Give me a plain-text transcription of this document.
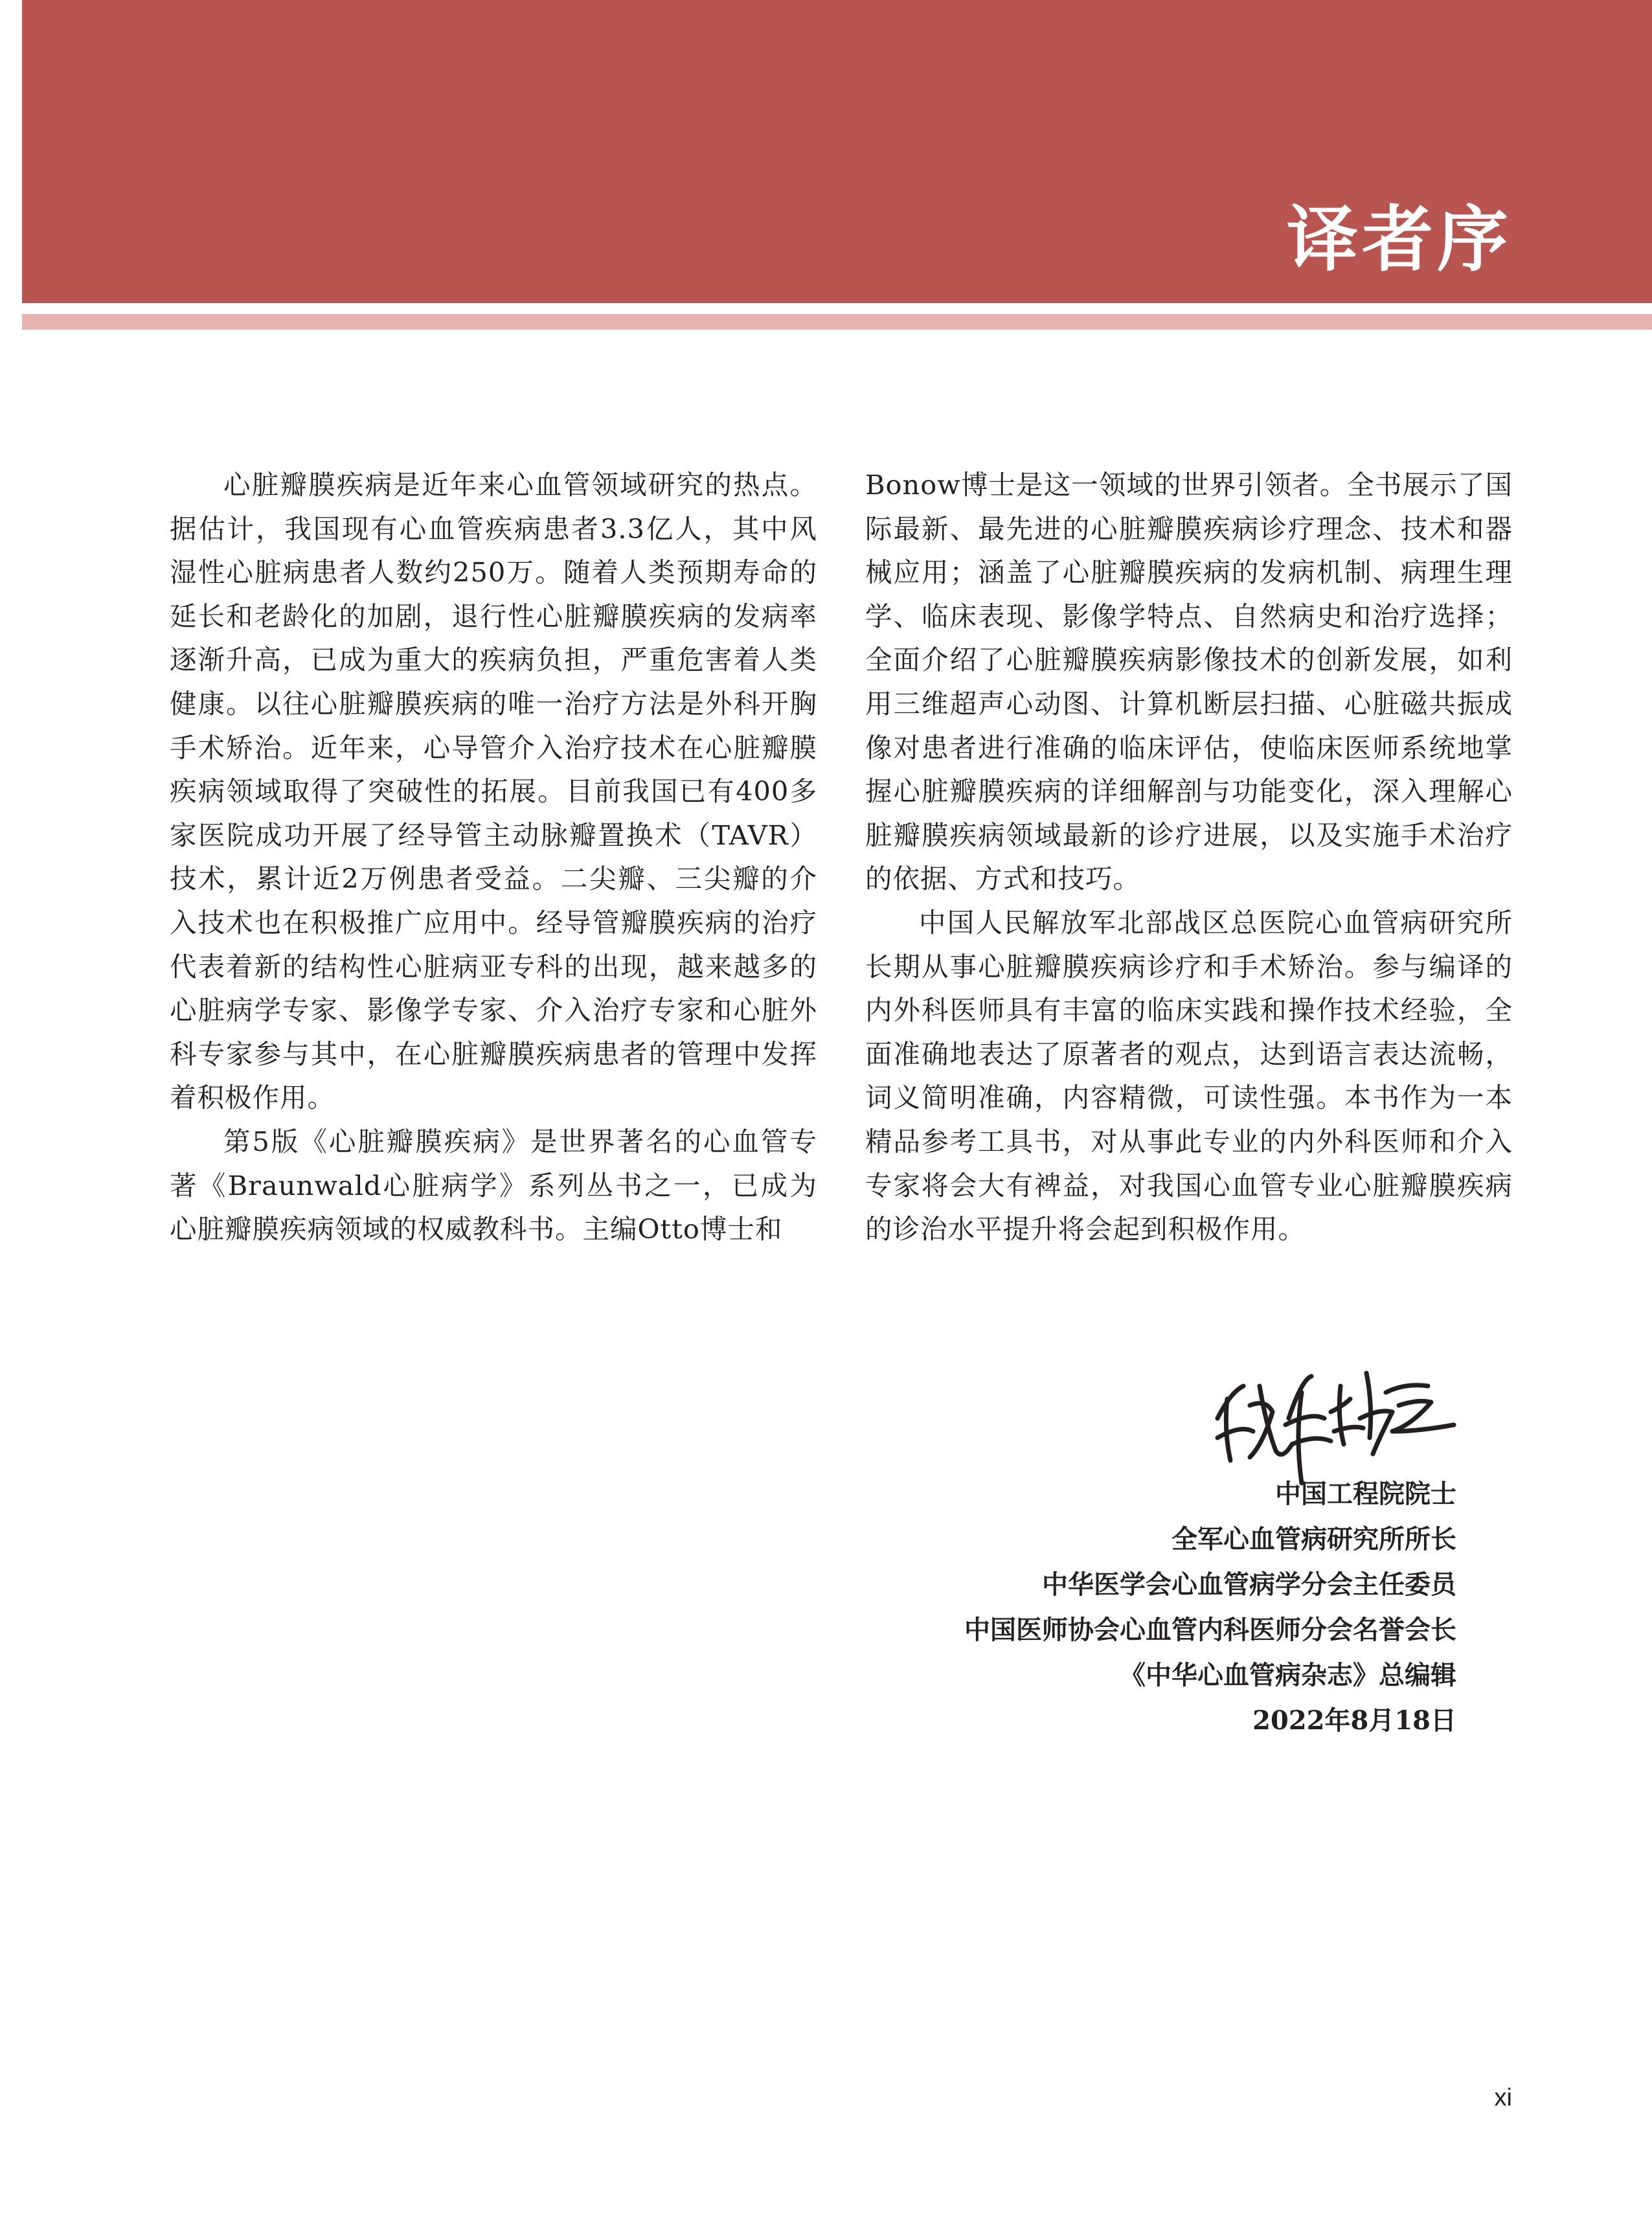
译者序

心脏瓣膜疾病是近年来心血管领域研究的热点。据估计，我国现有心血管疾病患者3.3亿人，其中风湿性心脏病患者人数约250万。随着人类预期寿命的延长和老龄化的加剧，退行性心脏瓣膜疾病的发病率逐渐升高，已成为重大的疾病负担，严重危害着人类健康。以往心脏瓣膜疾病的唯一治疗方法是外科开胸手术矫治。近年来，心导管介入治疗技术在心脏瓣膜疾病领域取得了突破性的拓展。目前我国已有400多家医院成功开展了经导管主动脉瓣置换术（TAVR）技术，累计近2万例患者受益。二尖瓣、三尖瓣的介入技术也在积极推广应用中。经导管瓣膜疾病的治疗代表着新的结构性心脏病亚专科的出现，越来越多的心脏病学专家、影像学专家、介入治疗专家和心脏外科专家参与其中，在心脏瓣膜疾病患者的管理中发挥着积极作用。

第5版《心脏瓣膜疾病》是世界著名的心血管专著《Braunwald心脏病学》系列丛书之一，已成为心脏瓣膜疾病领域的权威教科书。主编Otto博士和

Bonow博士是这一领域的世界引领者。全书展示了国际最新、最先进的心脏瓣膜疾病诊疗理念、技术和器械应用；涵盖了心脏瓣膜疾病的发病机制、病理生理学、临床表现、影像学特点、自然病史和治疗选择；全面介绍了心脏瓣膜疾病影像技术的创新发展，如利用三维超声心动图、计算机断层扫描、心脏磁共振成像对患者进行准确的临床评估，使临床医师系统地掌握心脏瓣膜疾病的详细解剖与功能变化，深入理解心脏瓣膜疾病领域最新的诊疗进展，以及实施手术治疗的依据、方式和技巧。

中国人民解放军北部战区总医院心血管病研究所长期从事心脏瓣膜疾病诊疗和手术矫治。参与编译的内外科医师具有丰富的临床实践和操作技术经验，全面准确地表达了原著者的观点，达到语言表达流畅，词义简明准确，内容精微，可读性强。本书作为一本精品参考工具书，对从事此专业的内外科医师和介入专家将会大有裨益，对我国心血管专业心脏瓣膜疾病的诊治水平提升将会起到积极作用。

中国工程院院士
全军心血管病研究所所长
中华医学会心血管病学分会主任委员
中国医师协会心血管内科医师分会名誉会长
《中华心血管病杂志》总编辑
2022年8月18日
xi
